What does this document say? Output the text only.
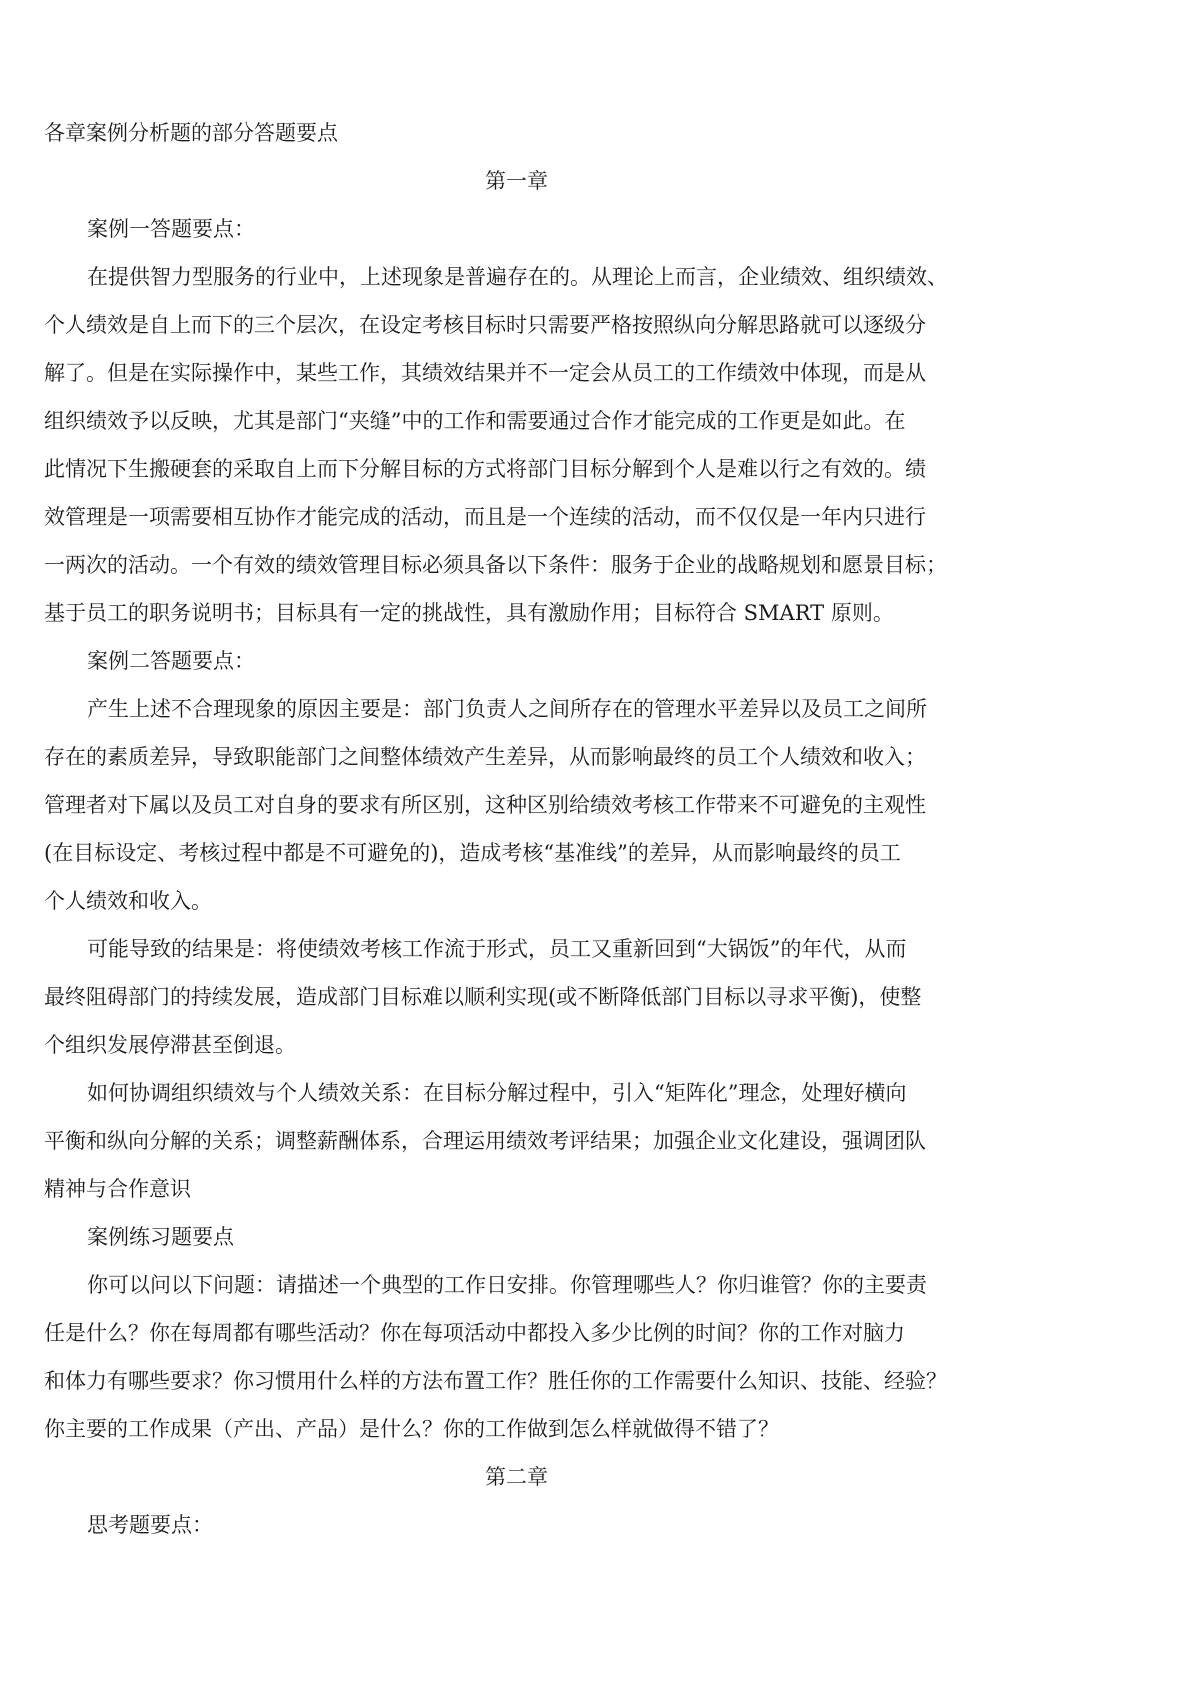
各章案例分析题的部分答题要点
第一章
案例一答题要点：
在提供智力型服务的行业中，上述现象是普遍存在的。从理论上而言，企业绩效、组织绩效、
个人绩效是自上而下的三个层次，在设定考核目标时只需要严格按照纵向分解思路就可以逐级分
解了。但是在实际操作中，某些工作，其绩效结果并不一定会从员工的工作绩效中体现，而是从
组织绩效予以反映，尤其是部门“夹缝”中的工作和需要通过合作才能完成的工作更是如此。在
此情况下生搬硬套的采取自上而下分解目标的方式将部门目标分解到个人是难以行之有效的。绩
效管理是一项需要相互协作才能完成的活动，而且是一个连续的活动，而不仅仅是一年内只进行
一两次的活动。一个有效的绩效管理目标必须具备以下条件：服务于企业的战略规划和愿景目标；
基于员工的职务说明书；目标具有一定的挑战性，具有激励作用；目标符合 SMART 原则。
案例二答题要点：
产生上述不合理现象的原因主要是：部门负责人之间所存在的管理水平差异以及员工之间所
存在的素质差异，导致职能部门之间整体绩效产生差异，从而影响最终的员工个人绩效和收入；
管理者对下属以及员工对自身的要求有所区别，这种区别给绩效考核工作带来不可避免的主观性
(在目标设定、考核过程中都是不可避免的)，造成考核“基准线”的差异，从而影响最终的员工
个人绩效和收入。
可能导致的结果是：将使绩效考核工作流于形式，员工又重新回到“大锅饭”的年代，从而
最终阻碍部门的持续发展，造成部门目标难以顺利实现(或不断降低部门目标以寻求平衡)，使整
个组织发展停滞甚至倒退。
如何协调组织绩效与个人绩效关系：在目标分解过程中，引入“矩阵化”理念，处理好横向
平衡和纵向分解的关系；调整薪酬体系，合理运用绩效考评结果；加强企业文化建设，强调团队
精神与合作意识
案例练习题要点
你可以问以下问题：请描述一个典型的工作日安排。你管理哪些人？你归谁管？你的主要责
任是什么？你在每周都有哪些活动？你在每项活动中都投入多少比例的时间？你的工作对脑力
和体力有哪些要求？你习惯用什么样的方法布置工作？胜任你的工作需要什么知识、技能、经验？
你主要的工作成果（产出、产品）是什么？你的工作做到怎么样就做得不错了？
第二章
思考题要点：
